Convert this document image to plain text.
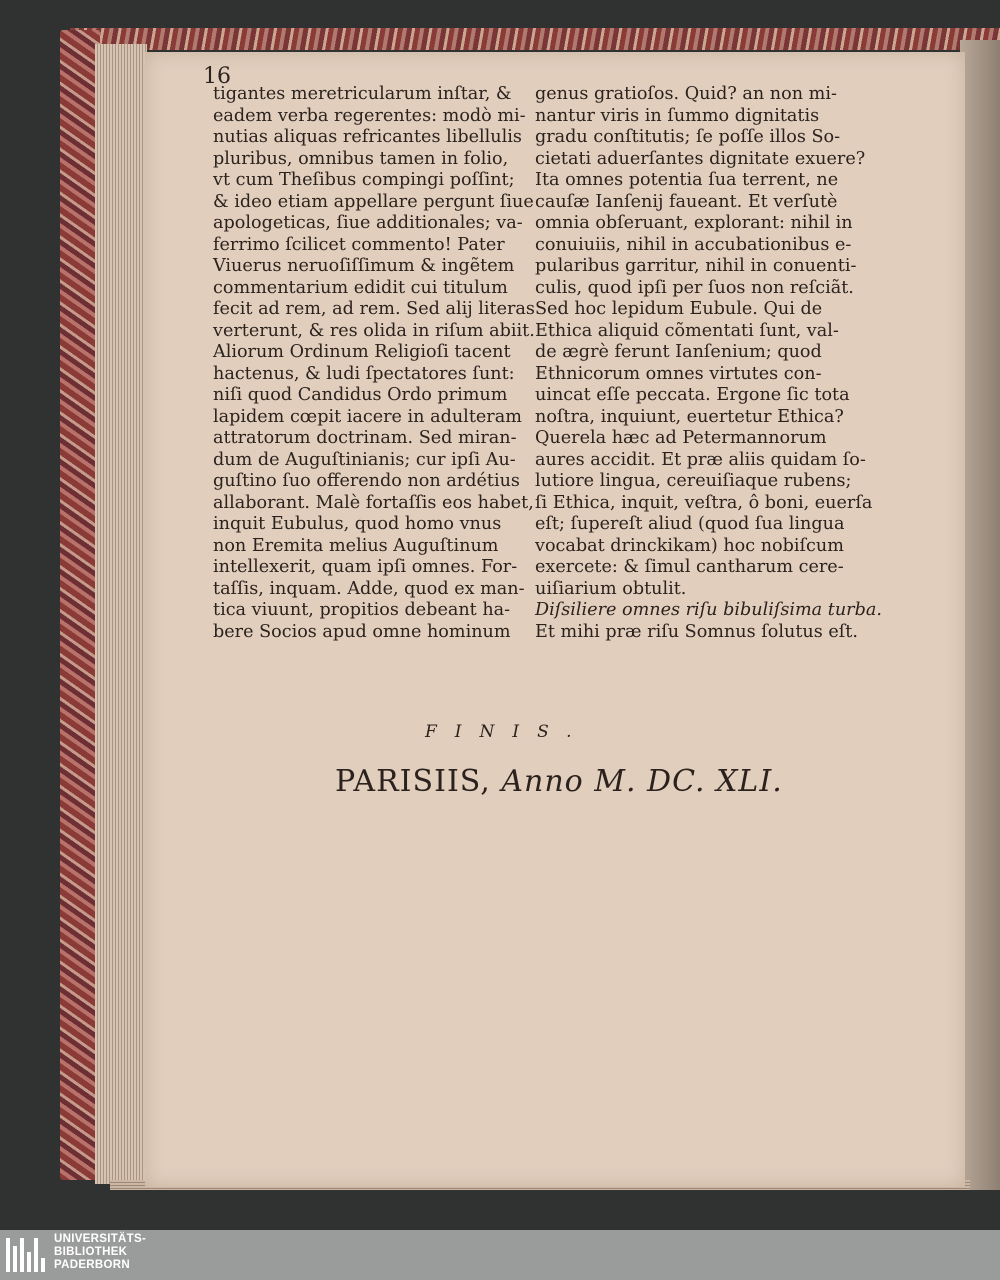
16
tigantes meretricularum inſtar, &
eadem verba regerentes: modò mi-
nutias aliquas refricantes libellulis
pluribus, omnibus tamen in folio,
vt cum Theſibus compingi poſſint;
& ideo etiam appellare pergunt ſiue
apologeticas, ſiue additionales; va-
ferrimo ſcilicet commento! Pater
Viuerus neruoſiſſimum & ingẽtem
commentarium edidit cui titulum
fecit ad rem, ad rem. Sed alij literas
verterunt, & res olida in riſum abiit.
Aliorum Ordinum Religioſi tacent
hactenus, & ludi ſpectatores ſunt:
niſi quod Candidus Ordo primum
lapidem cœpit iacere in adulteram
attratorum doctrinam. Sed miran-
dum de Auguſtinianis; cur ipſi Au-
guſtino ſuo offerendo non ardétius
allaborant. Malè fortaſſis eos habet,
inquit Eubulus, quod homo vnus
non Eremita melius Auguſtinum
intellexerit, quam ipſi omnes. For-
taſſis, inquam. Adde, quod ex man-
tica viuunt, propitios debeant ha-
bere Socios apud omne hominum
genus gratioſos. Quid? an non mi-
nantur viris in ſummo dignitatis
gradu conſtitutis; ſe poſſe illos So-
cietati aduerſantes dignitate exuere?
Ita omnes potentia ſua terrent, ne
cauſæ Ianſenij faueant. Et verſutè
omnia obſeruant, explorant: nihil in
conuiuiis, nihil in accubationibus e-
pularibus garritur, nihil in conuenti-
culis, quod ipſi per ſuos non reſciãt.
Sed hoc lepidum Eubule. Qui de
Ethica aliquid cõmentati ſunt, val-
de ægrè ferunt Ianſenium; quod
Ethnicorum omnes virtutes con-
uincat eſſe peccata. Ergone ſic tota
noſtra, inquiunt, euertetur Ethica?
Querela hæc ad Petermannorum
aures accidit. Et præ aliis quidam ſo-
lutiore lingua, cereuiſiaque rubens;
ſi Ethica, inquit, veſtra, ô boni, euerſa
eſt; ſupereſt aliud (quod ſua lingua
vocabat drinckikam) hoc nobiſcum
exercete: & ſimul cantharum cere-
uiſiarium obtulit.
Diſsiliere omnes riſu bibuliſsima turba.
Et mihi præ riſu Somnus ſolutus eſt.
FINIS.
PARISIIS, Anno M. DC. XLI.
UNIVERSITÄTS-
BIBLIOTHEK
PADERBORN
